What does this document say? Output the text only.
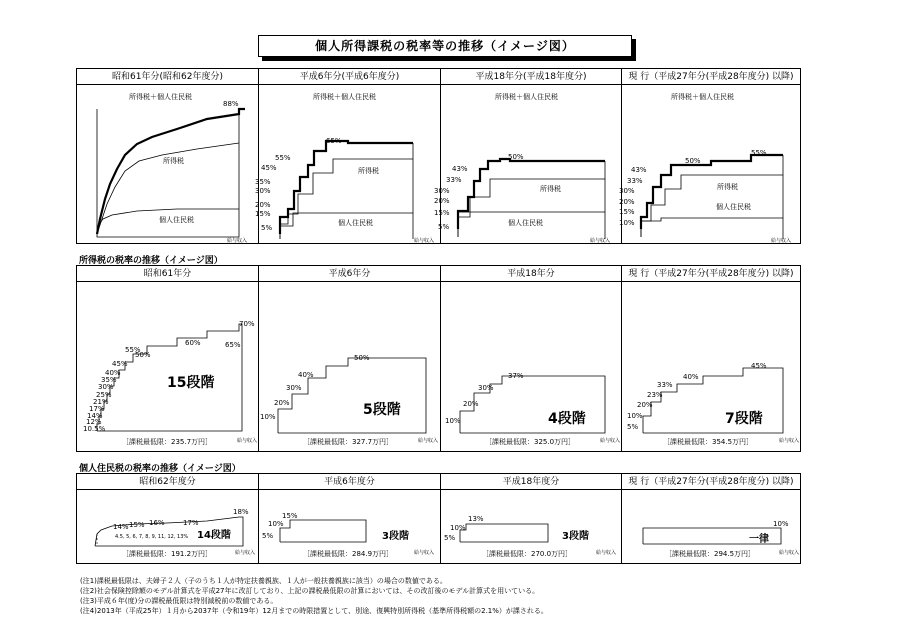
個人所得課税の税率等の推移（イメージ図）
昭和61年分(昭和62年度分)	平成6年分(平成6年度分)	平成18年分(平成18年度分)	現 行（平成27年分(平成28年度分) 以降)
所得税＋個人住民税
88%
所得税
個人住民税
給与収入
所得税＋個人住民税
65%
55%
45%
35%
30%
20%
15%
5%
所得税
個人住民税
給与収入
所得税＋個人住民税
50%
43%
33%
30%
20%
15%
5%
所得税
個人住民税
給与収入
所得税＋個人住民税
55%
50%
43%
33%
30%
20%
15%
10%
所得税
個人住民税
給与収入
所得税の税率の推移（イメージ図）
昭和61年分	平成6年分	平成18年分	現 行（平成27年分(平成28年度分) 以降)
70%
65%
60%
55%
50%
45%
40%
35%
30%
25%
21%
17%
14%
12%
10.5%
15段階
［課税最低限：235.7万円］	給与収入
50%
40%
30%
20%
10%	5段階
［課税最低限：327.7万円］	給与収入
37%
30%
20%
10%	4段階
［課税最低限：325.0万円］	給与収入
45%
40%
33%
23%
20%
10%
5%	7段階
［課税最低限：354.5万円］	給与収入
個人住民税の税率の推移（イメージ図）
昭和62年度分	平成6年度分	平成18年度分	現 行（平成27年分(平成28年度分) 以降)
18%
17%
16%
15%
14%
4.5, 5, 6, 7, 8, 9, 11, 12, 13% 14段階
［課税最低限：191.2万円］	給与収入
15%
10%
5%	3段階
［課税最低限：284.9万円］	給与収入
13%
10%
5%	3段階
［課税最低限：270.0万円］	給与収入
10%
一律
［課税最低限：294.5万円］	給与収入
(注1)課税最低限は、夫婦子２人（子のうち１人が特定扶養親族、１人が一般扶養親族に該当）の場合の数値である。
(注2)社会保険控除額のモデル計算式を平成27年に改訂しており、上記の課税最低限の計算においては、その改訂後のモデル計算式を用いている。
(注3)平成６年(度)分の課税最低限は特別減税前の数値である。
(注4)2013年（平成25年）１月から2037年（令和19年）12月までの時限措置として、別途、復興特別所得税（基準所得税額の2.1%）が課される。
